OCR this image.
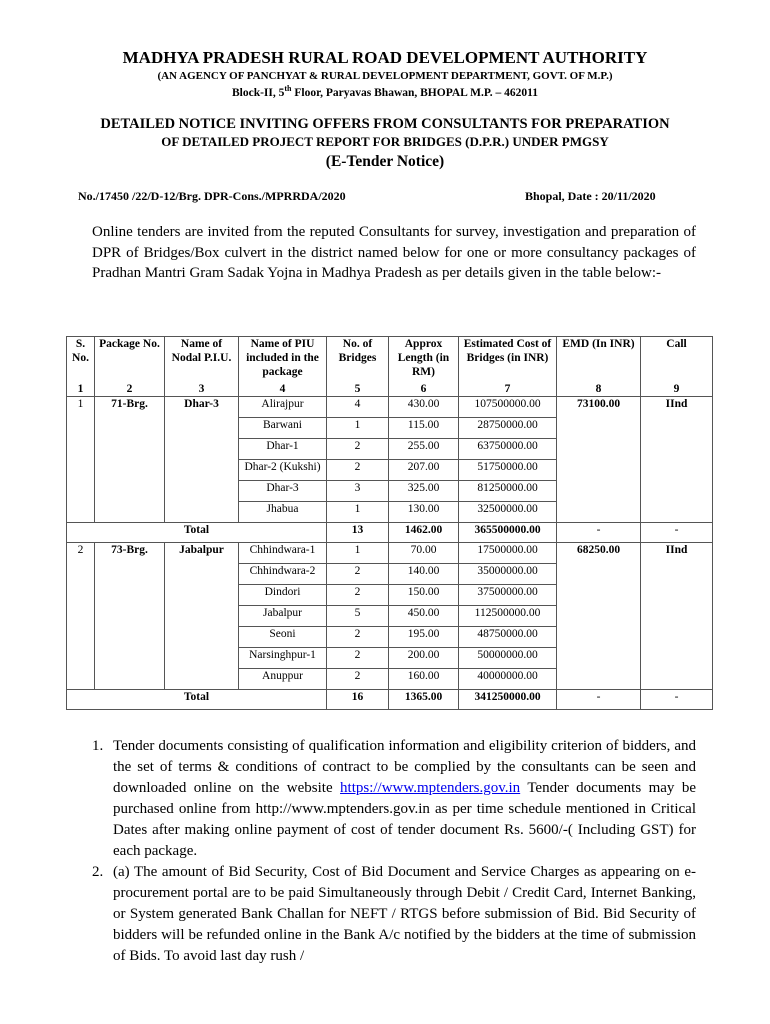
MADHYA PRADESH RURAL ROAD DEVELOPMENT AUTHORITY
(AN AGENCY OF PANCHYAT & RURAL DEVELOPMENT DEPARTMENT, GOVT. OF M.P.)
Block-II, 5th Floor, Paryavas Bhawan, BHOPAL M.P. – 462011
DETAILED NOTICE INVITING OFFERS FROM CONSULTANTS FOR PREPARATION
OF DETAILED PROJECT REPORT FOR BRIDGES (D.P.R.) UNDER PMGSY
(E-Tender Notice)
No./17450 /22/D-12/Brg. DPR-Cons./MPRRDA/2020	Bhopal, Date : 20/11/2020
Online tenders are invited from the reputed Consultants for survey, investigation and preparation of DPR of Bridges/Box culvert in the district named below for one or more consultancy packages of Pradhan Mantri Gram Sadak Yojna in Madhya Pradesh as per details given in the table below:-
S. No.	Package No.	Name of Nodal P.I.U.	Name of PIU included in the package	No. of Bridges	Approx Length (in RM)	Estimated Cost of Bridges (in INR)	EMD (In INR)	Call
1	2	3	4	5	6	7	8	9
1	71-Brg.	Dhar-3	Alirajpur	4	430.00	107500000.00	73100.00	IInd
			Barwani	1	115.00	28750000.00		
			Dhar-1	2	255.00	63750000.00		
			Dhar-2 (Kukshi)	2	207.00	51750000.00		
			Dhar-3	3	325.00	81250000.00		
			Jhabua	1	130.00	32500000.00		
Total				13	1462.00	365500000.00	-	-
2	73-Brg.	Jabalpur	Chhindwara-1	1	70.00	17500000.00	68250.00	IInd
			Chhindwara-2	2	140.00	35000000.00		
			Dindori	2	150.00	37500000.00		
			Jabalpur	5	450.00	112500000.00		
			Seoni	2	195.00	48750000.00		
			Narsinghpur-1	2	200.00	50000000.00		
			Anuppur	2	160.00	40000000.00		
Total				16	1365.00	341250000.00	-	-
1. Tender documents consisting of qualification information and eligibility criterion of bidders, and the set of terms & conditions of contract to be complied by the consultants can be seen and downloaded online on the website https://www.mptenders.gov.in Tender documents may be purchased online from http://www.mptenders.gov.in as per time schedule mentioned in Critical Dates after making online payment of cost of tender document Rs. 5600/-( Including GST) for each package.
2. (a) The amount of Bid Security, Cost of Bid Document and Service Charges as appearing on e-procurement portal are to be paid Simultaneously through Debit / Credit Card, Internet Banking, or System generated Bank Challan for NEFT / RTGS before submission of Bid. Bid Security of bidders will be refunded online in the Bank A/c notified by the bidders at the time of submission of Bids. To avoid last day rush /
